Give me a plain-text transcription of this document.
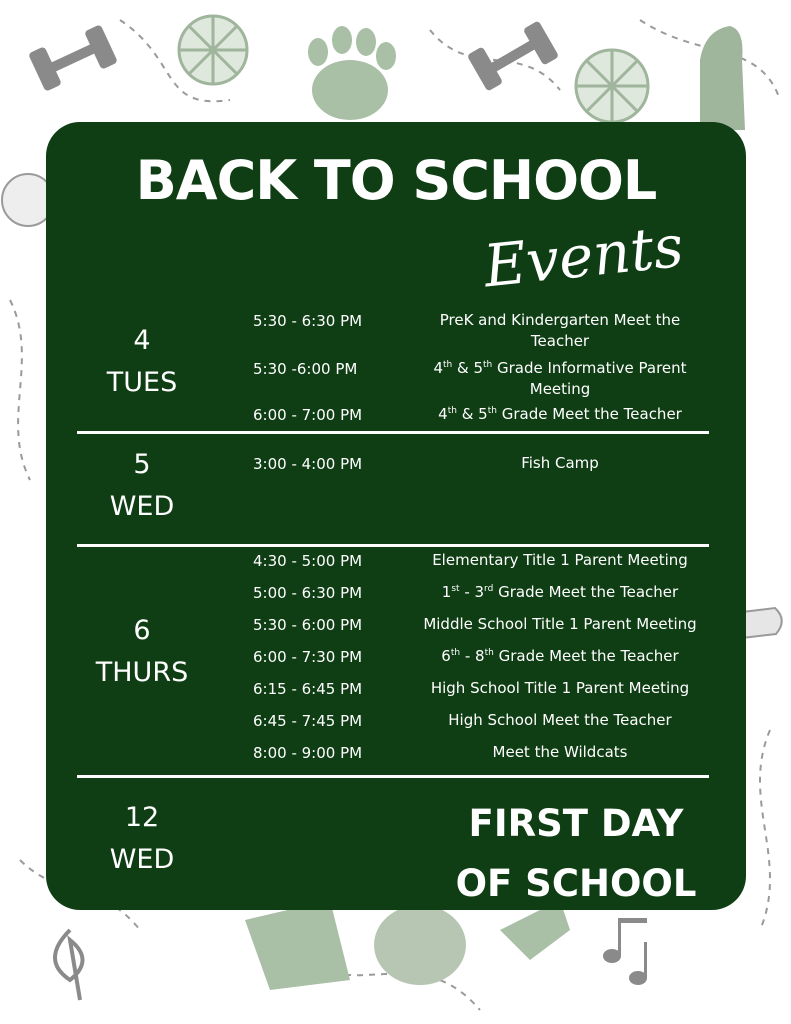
BACK TO SCHOOL
Events
4
TUES
5:30 - 6:30 PM	PreK and Kindergarten Meet the Teacher
5:30 -6:00 PM	4th & 5th Grade Informative Parent Meeting
6:00 - 7:00 PM	4th & 5th Grade Meet the Teacher
5
WED
3:00 - 4:00 PM	Fish Camp
6
THURS
4:30 - 5:00 PM	Elementary Title 1 Parent Meeting
5:00 - 6:30 PM	1st - 3rd Grade Meet the Teacher
5:30 - 6:00 PM	Middle School Title 1 Parent Meeting
6:00 - 7:30 PM	6th - 8th Grade Meet the Teacher
6:15 - 6:45 PM	High School Title 1 Parent Meeting
6:45 - 7:45 PM	High School Meet the Teacher
8:00 - 9:00 PM	Meet the Wildcats
12
WED
FIRST DAY
OF SCHOOL
